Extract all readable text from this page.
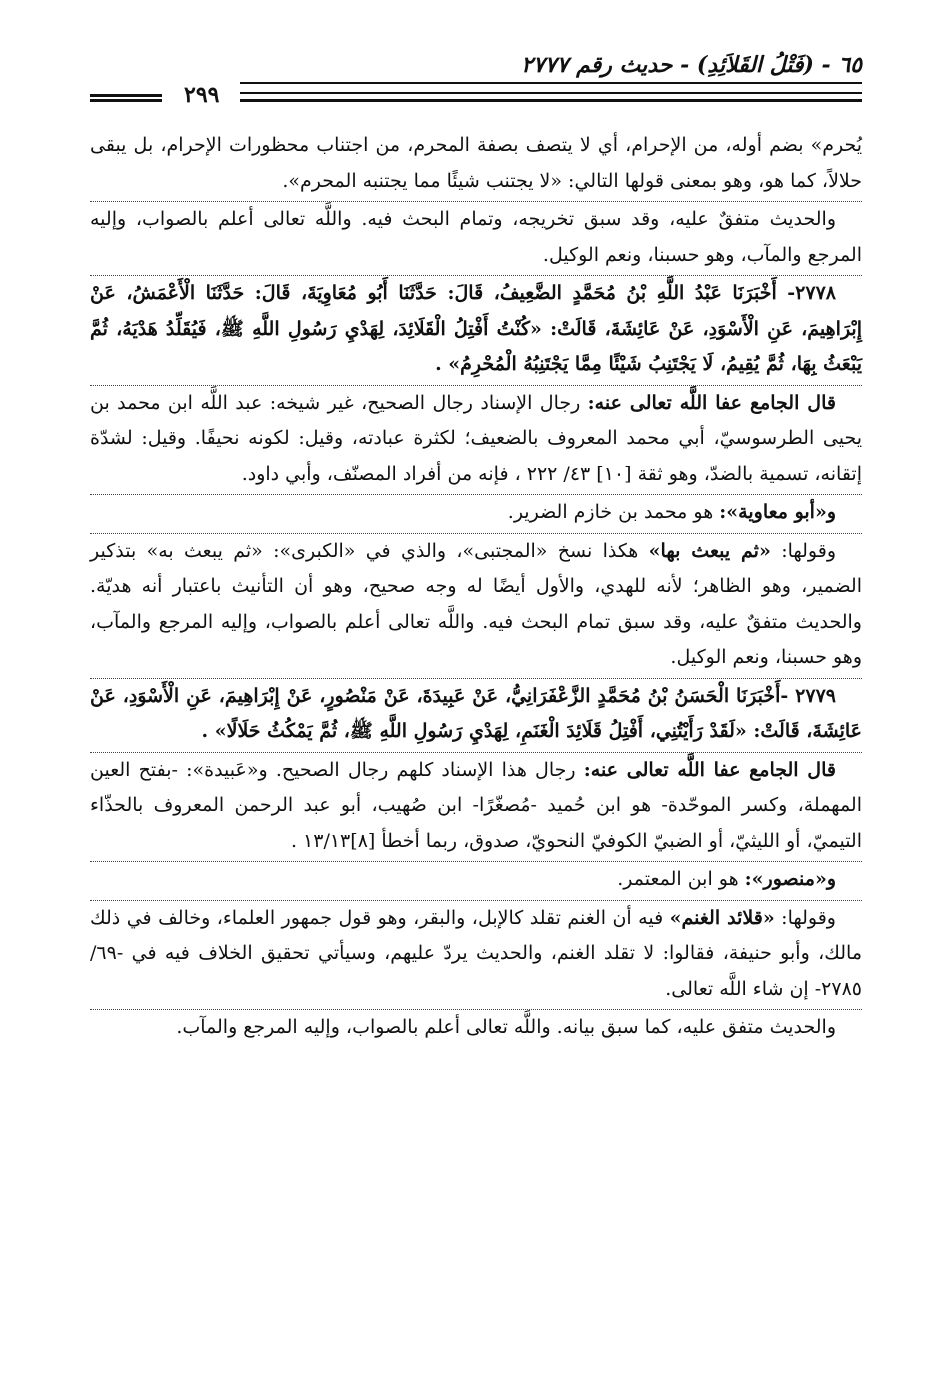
٦٥ - (فَتْلُ القَلاَئِدِ) - حديث رقم ٢٧٧٧
٢٩٩

يُحرم» بضم أوله، من الإحرام، أي لا يتصف بصفة المحرم، من اجتناب محظورات الإحرام، بل يبقى حلالاً، كما هو، وهو بمعنى قولها التالي: «لا يجتنب شيئًا مما يجتنبه المحرم».

والحديث متفقٌ عليه، وقد سبق تخريجه، وتمام البحث فيه. واللَّه تعالى أعلم بالصواب، وإليه المرجع والمآب، وهو حسبنا، ونعم الوكيل.

٢٧٧٨- أَخْبَرَنَا عَبْدُ اللَّهِ بْنُ مُحَمَّدٍ الضَّعِيفُ، قَالَ: حَدَّثَنَا أَبُو مُعَاوِيَةَ، قَالَ: حَدَّثَنَا الْأَعْمَشُ، عَنْ إِبْرَاهِيمَ، عَنِ الْأَسْوَدِ، عَنْ عَائِشَةَ، قَالَتْ: «كُنْتُ أَفْتِلُ الْقَلَائِدَ، لِهَدْيِ رَسُولِ اللَّهِ ﷺ، فَيُقَلِّدُ هَدْيَهُ، ثُمَّ يَبْعَثُ بِهَا، ثُمَّ يُقِيمُ، لَا يَجْتَنِبُ شَيْئًا مِمَّا يَجْتَنِبُهُ الْمُحْرِمُ» .

قال الجامع عفا اللَّه تعالى عنه: رجال الإسناد رجال الصحيح، غير شيخه: عبد اللَّه ابن محمد بن يحيى الطرسوسيّ، أبي محمد المعروف بالضعيف؛ لكثرة عبادته، وقيل: لكونه نحيفًا. وقيل: لشدّة إتقانه، تسمية بالضدّ، وهو ثقة [١٠] ٤٣/ ٢٢٢ ، فإنه من أفراد المصنّف، وأبي داود.

و«أبو معاوية»: هو محمد بن خازم الضرير.

وقولها: «ثم يبعث بها» هكذا نسخ «المجتبى»، والذي في «الكبرى»: «ثم يبعث به» بتذكير الضمير، وهو الظاهر؛ لأنه للهدي، والأول أيضًا له وجه صحيح، وهو أن التأنيث باعتبار أنه هديّة. والحديث متفقٌ عليه، وقد سبق تمام البحث فيه. واللَّه تعالى أعلم بالصواب، وإليه المرجع والمآب، وهو حسبنا، ونعم الوكيل.

٢٧٧٩ -أَخْبَرَنَا الْحَسَنُ بْنُ مُحَمَّدٍ الزَّعْفَرَانِيُّ، عَنْ عَبِيدَةَ، عَنْ مَنْصُورٍ، عَنْ إِبْرَاهِيمَ، عَنِ الْأَسْوَدِ، عَنْ عَائِشَةَ، قَالَتْ: «لَقَدْ رَأَيْتُنِي، أَفْتِلُ قَلَائِدَ الْغَنَمِ، لِهَدْيِ رَسُولِ اللَّهِ ﷺ، ثُمَّ يَمْكُثُ حَلَالًا» .

قال الجامع عفا اللَّه تعالى عنه: رجال هذا الإسناد كلهم رجال الصحيح. و«عَبيدة»: -بفتح العين المهملة، وكسر الموحّدة- هو ابن حُميد -مُصغّرًا- ابن صُهيب، أبو عبد الرحمن المعروف بالحذّاء التيميّ، أو الليثيّ، أو الضبيّ الكوفيّ النحويّ، صدوق، ربما أخطأ [٨]١٣/١٣ .

و«منصور»: هو ابن المعتمر.

وقولها: «قلائد الغنم» فيه أن الغنم تقلد كالإبل، والبقر، وهو قول جمهور العلماء، وخالف في ذلك مالك، وأبو حنيفة، فقالوا: لا تقلد الغنم، والحديث يردّ عليهم، وسيأتي تحقيق الخلاف فيه في -٦٩/ ٢٧٨٥- إن شاء اللَّه تعالى.

والحديث متفق عليه، كما سبق بيانه. واللَّه تعالى أعلم بالصواب، وإليه المرجع والمآب.
